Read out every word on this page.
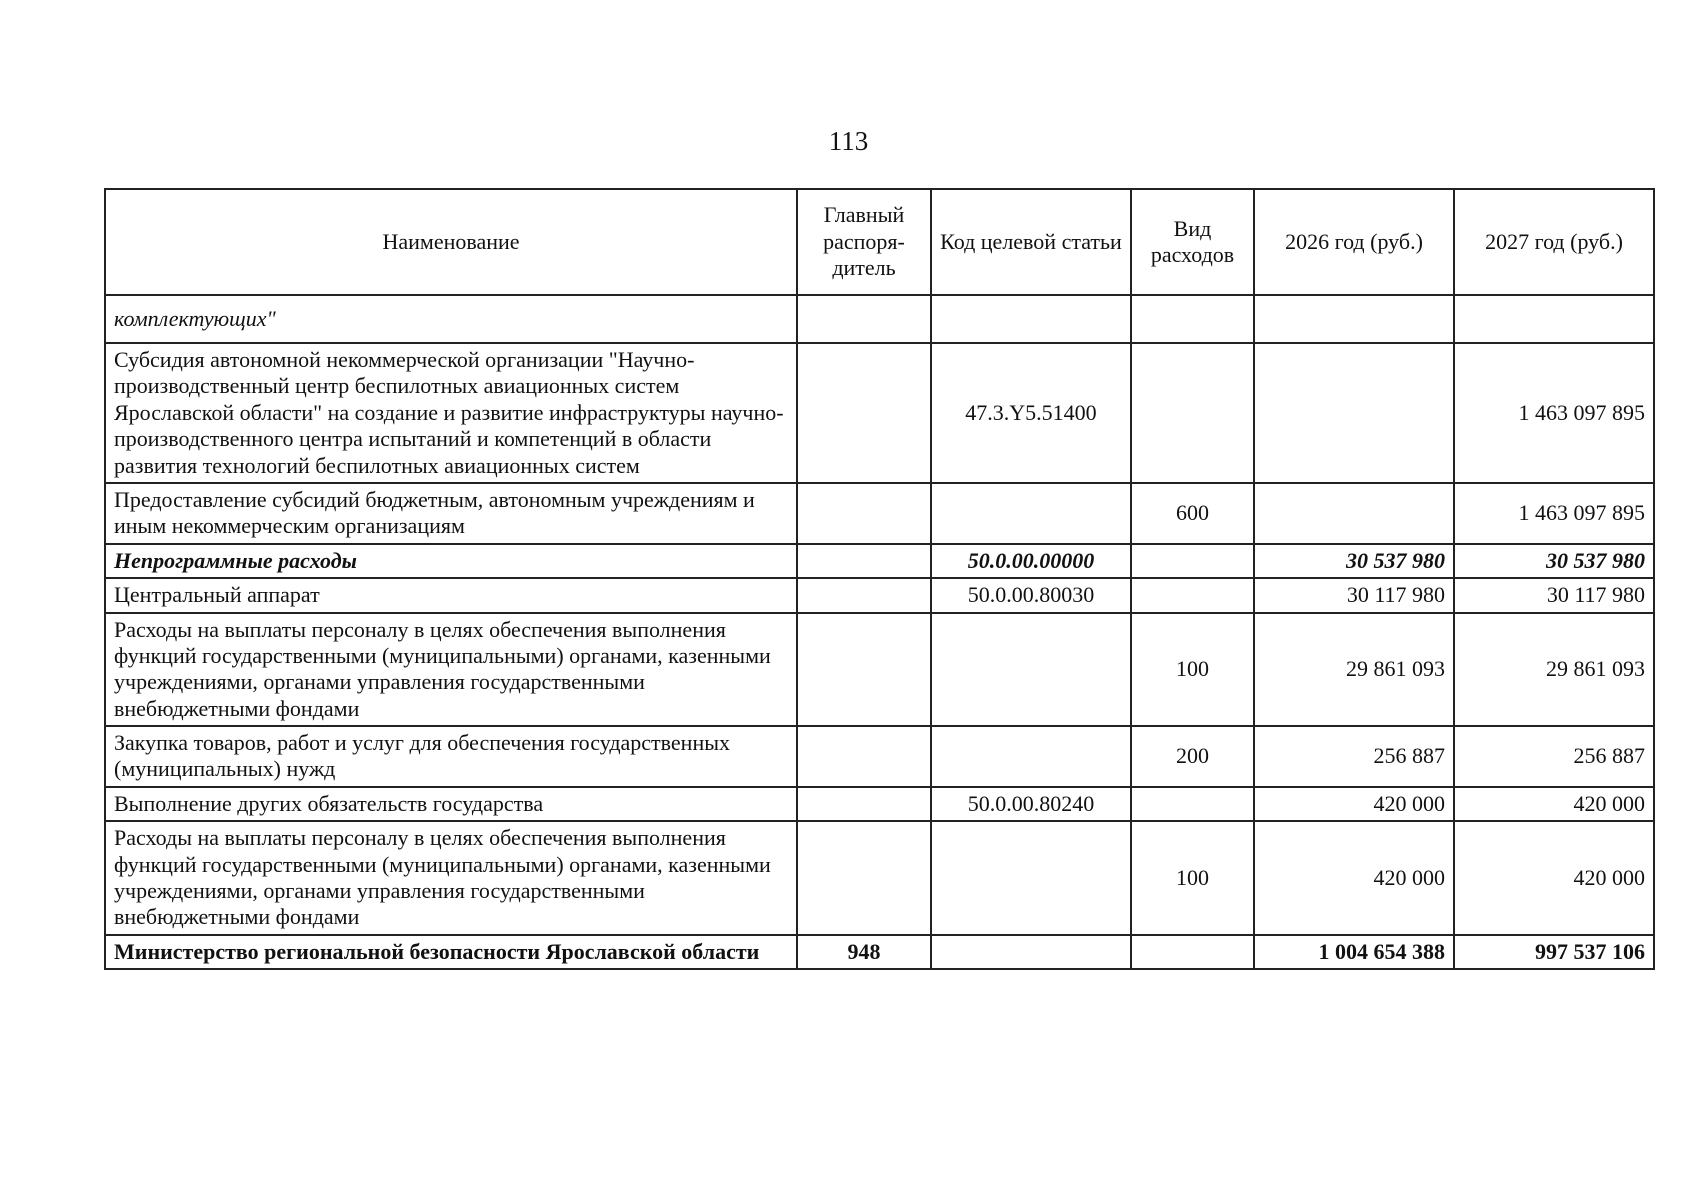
113
Наименование	Главный распоря-дитель	Код целевой статьи	Вид расходов	2026 год (руб.)	2027 год (руб.)
комплектующих"					
Субсидия автономной некоммерческой организации "Научно-производственный центр беспилотных авиационных систем Ярославской области" на создание и развитие инфраструктуры научно-производственного центра испытаний и компетенций в области развития технологий беспилотных авиационных систем		47.3.Y5.51400			1 463 097 895
Предоставление субсидий бюджетным, автономным учреждениям и иным некоммерческим организациям			600		1 463 097 895
Непрограммные расходы		50.0.00.00000		30 537 980	30 537 980
Центральный аппарат		50.0.00.80030		30 117 980	30 117 980
Расходы на выплаты персоналу в целях обеспечения выполнения функций государственными (муниципальными) органами, казенными учреждениями, органами управления государственными внебюджетными фондами			100	29 861 093	29 861 093
Закупка товаров, работ и услуг для обеспечения государственных (муниципальных) нужд			200	256 887	256 887
Выполнение других обязательств государства		50.0.00.80240		420 000	420 000
Расходы на выплаты персоналу в целях обеспечения выполнения функций государственными (муниципальными) органами, казенными учреждениями, органами управления государственными внебюджетными фондами			100	420 000	420 000
Министерство региональной безопасности Ярославской области	948			1 004 654 388	997 537 106
